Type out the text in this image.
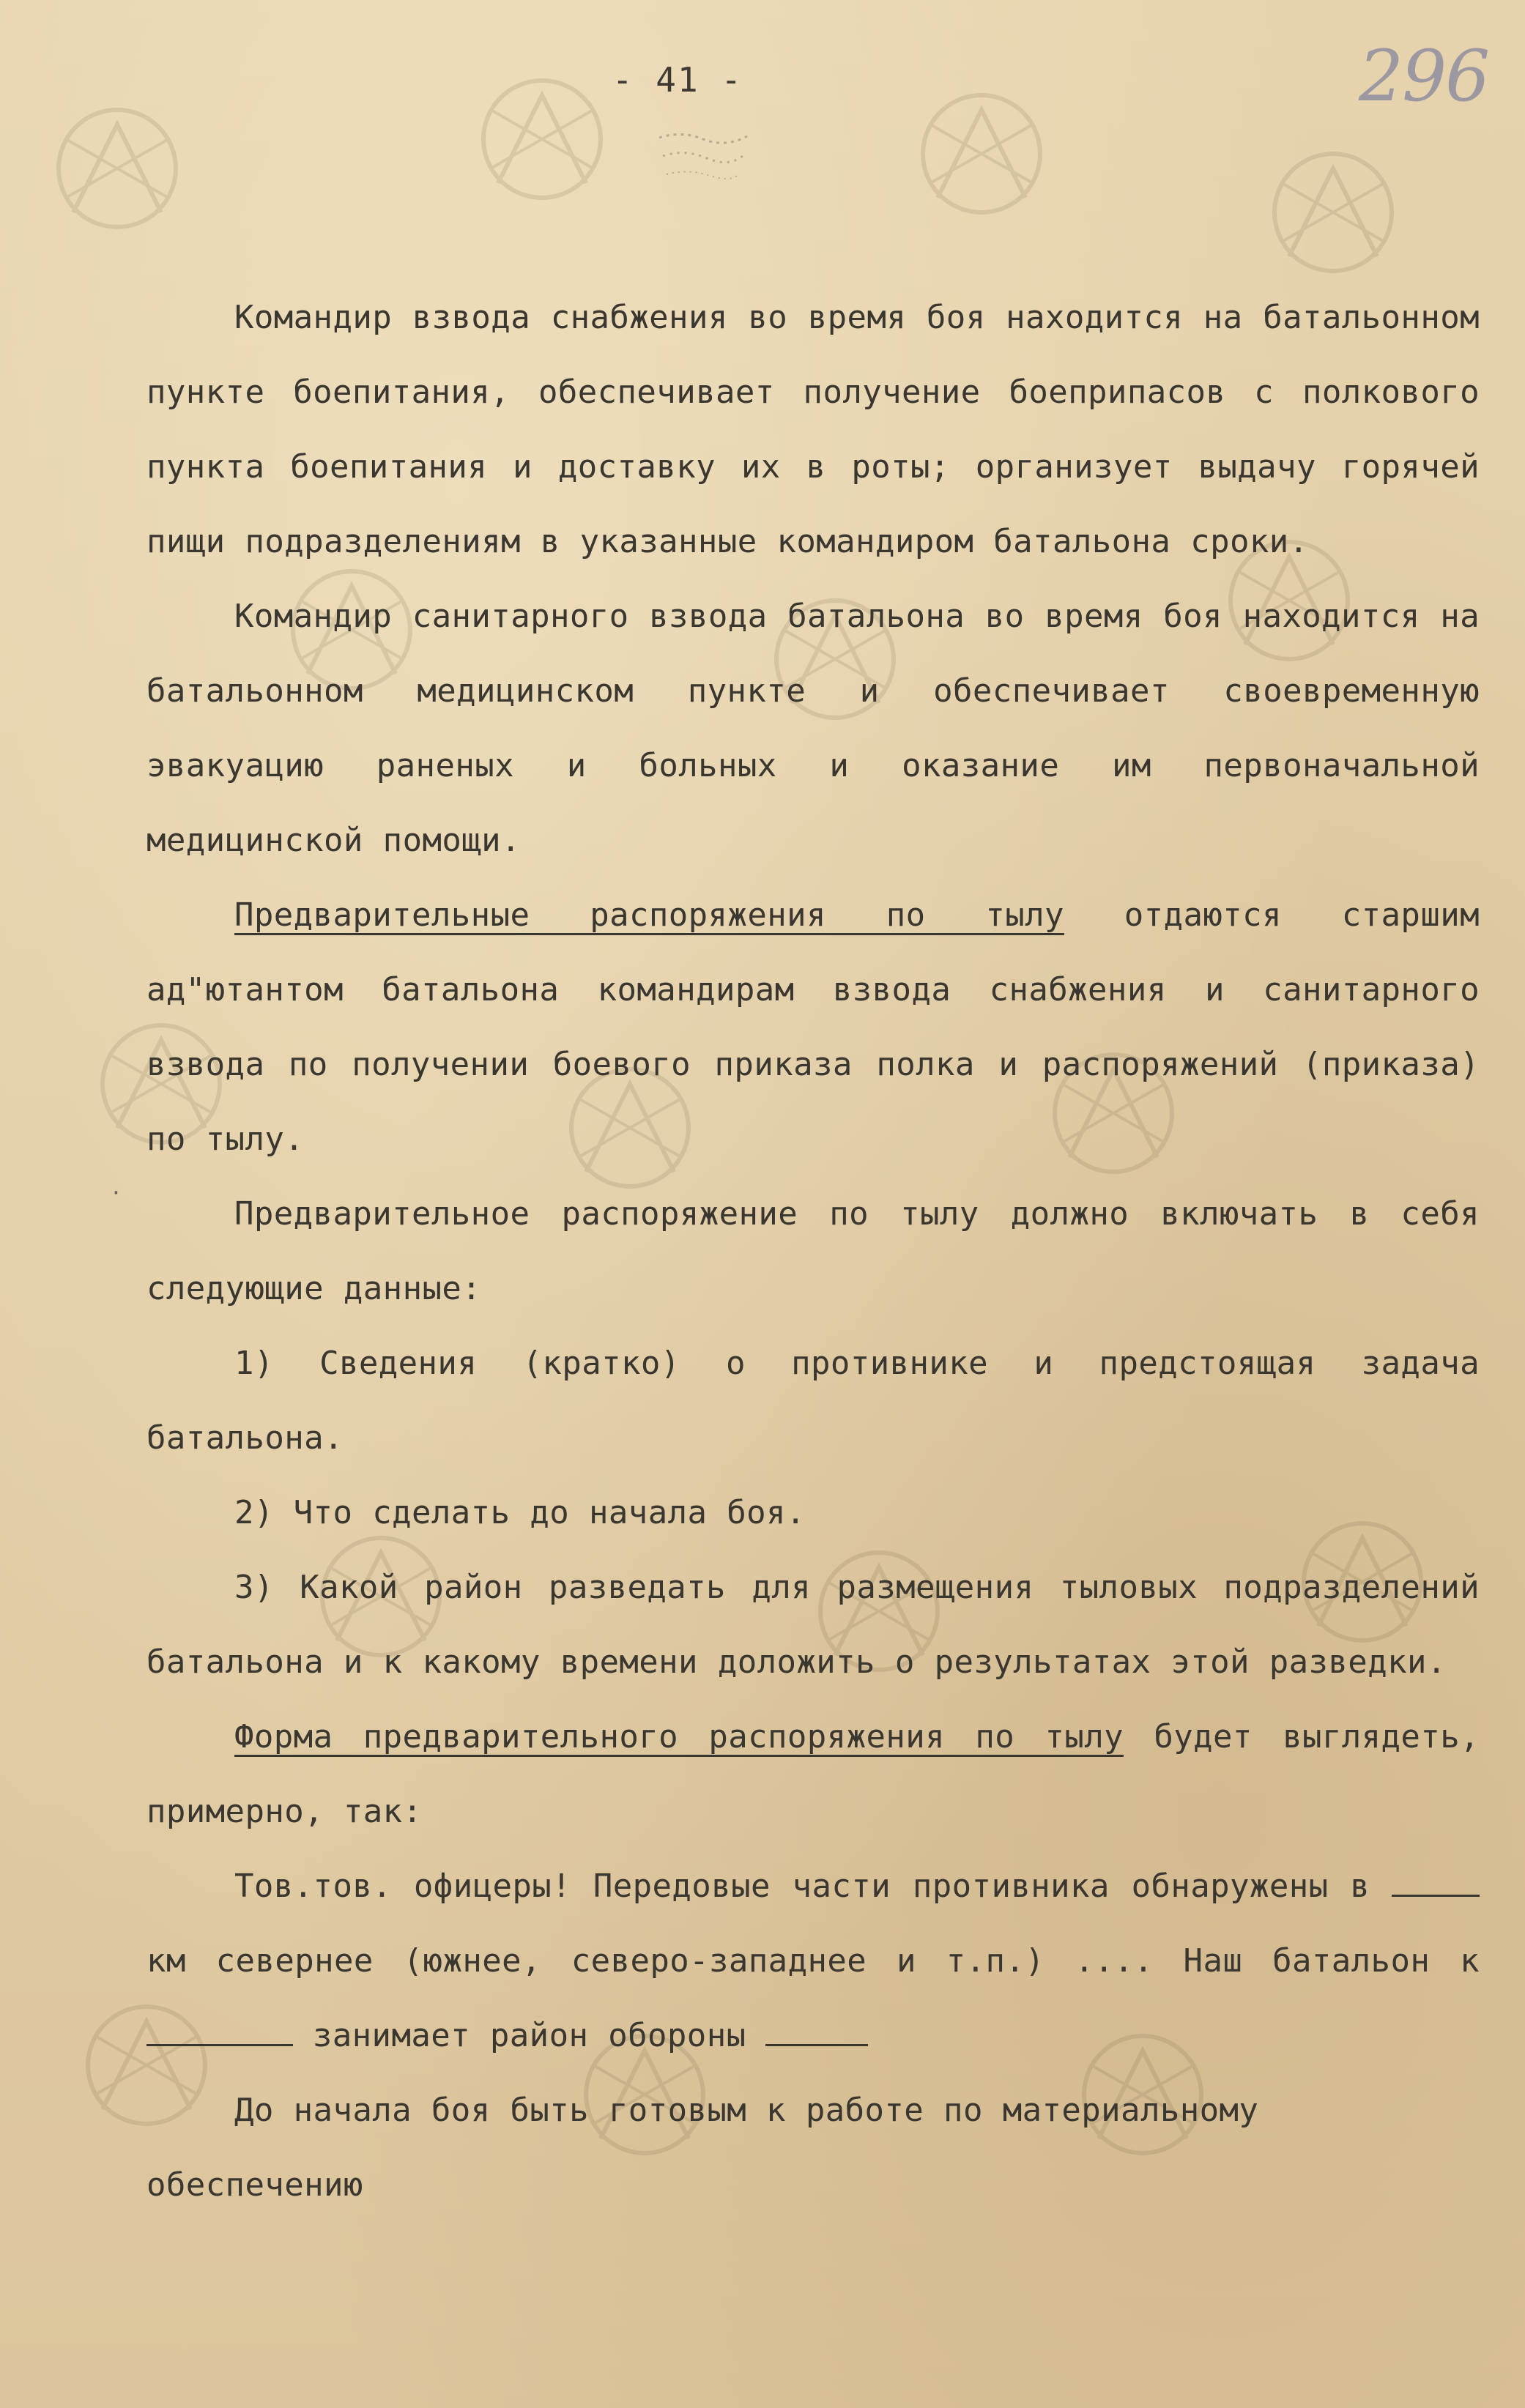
·
- 41 -	296

Командир взвода снабжения во время боя находится на батальонном пункте боепитания, обеспечивает получение боеприпасов с полкового пункта боепитания и доставку их в роты; организует выдачу горячей пищи подразделениям в указанные командиром батальона сроки.

Командир санитарного взвода батальона во время боя находится на батальонном медицинском пункте и обеспечивает своевременную эвакуацию раненых и больных и оказание им первоначальной медицинской помощи.

Предварительные распоряжения по тылу отдаются старшим ад"ютантом батальона командирам взвода снабжения и санитарного взвода по получении боевого приказа полка и распоряжений (приказа) по тылу.

Предварительное распоряжение по тылу должно включать в себя следующие данные:

1) Сведения (кратко) о противнике и предстоящая задача батальона.

2) Что сделать до начала боя.

3) Какой район разведать для размещения тыловых подразделений батальона и к какому времени доложить о результатах этой разведки.

Форма предварительного распоряжения по тылу будет выглядеть, примерно, так:

Тов.тов. офицеры! Передовые части противника обнаружены в  км севернее (южнее, северо-западнее и т.п.) .... Наш батальон к  занимает район обороны

До начала боя быть готовым к работе по материальному обеспечению
